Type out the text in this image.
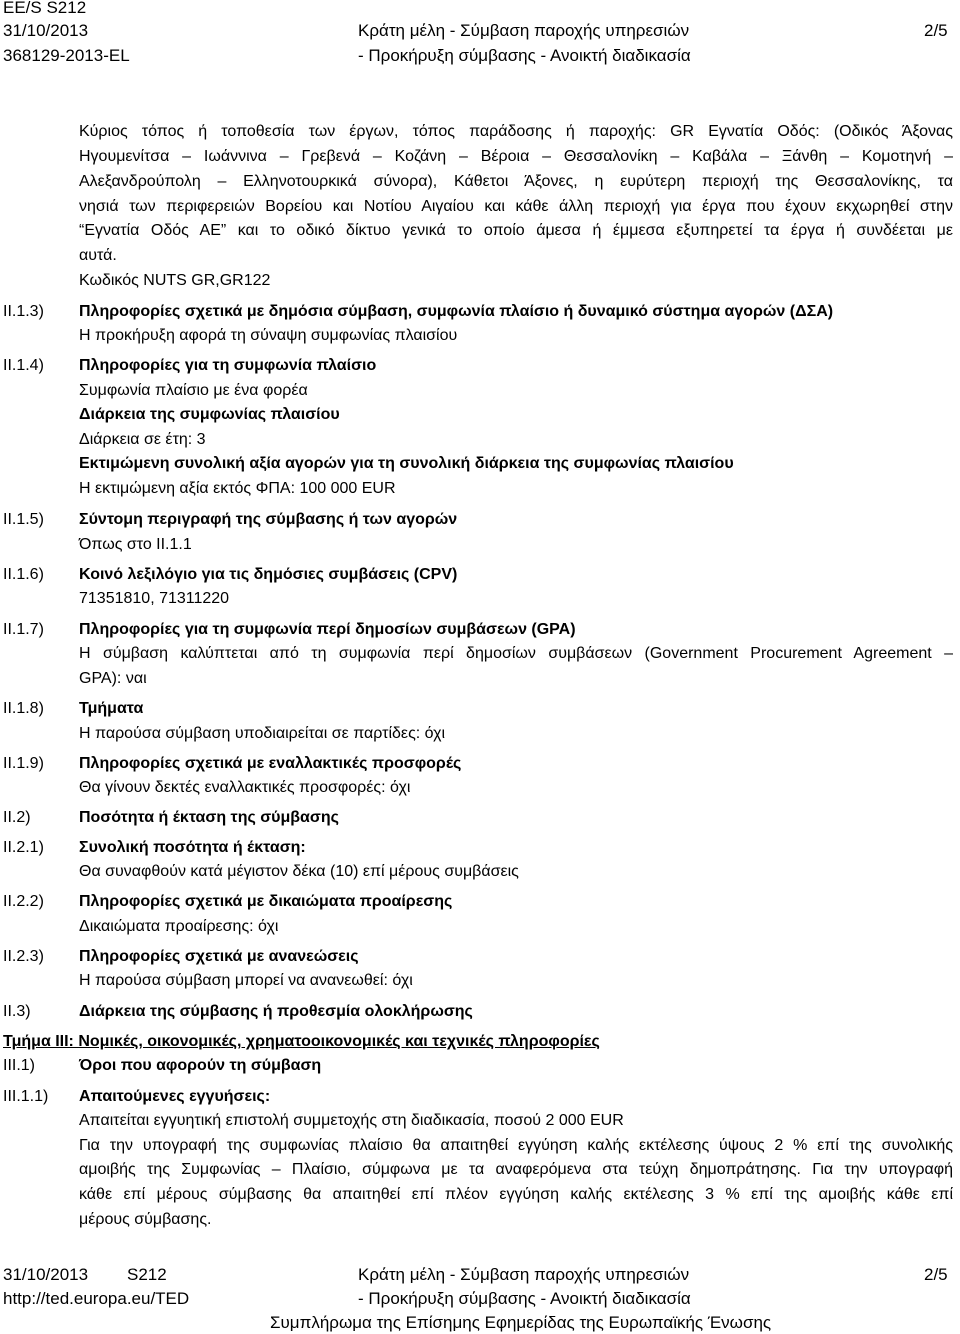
EE/S S212
31/10/2013
368129-2013-EL
Κράτη μέλη - Σύμβαση παροχής υπηρεσιών
- Προκήρυξη σύμβασης - Ανοικτή διαδικασία
2/5
Κύριος τόπος ή τοποθεσία των έργων, τόπος παράδοσης ή παροχής: GR Εγνατία Οδός: (Οδικός Άξονας
Ηγουμενίτσα – Ιωάννινα – Γρεβενά – Κοζάνη – Βέροια – Θεσσαλονίκη – Καβάλα – Ξάνθη – Κομοτηνή –
Αλεξανδρούπολη – Ελληνοτουρκικά σύνορα), Κάθετοι Άξονες, η ευρύτερη περιοχή της Θεσσαλονίκης, τα
νησιά των περιφερειών Βορείου και Νοτίου Αιγαίου και κάθε άλλη περιοχή για έργα που έχουν εκχωρηθεί στην
“Εγνατία Οδός ΑΕ” και το οδικό δίκτυο γενικά το οποίο άμεσα ή έμμεσα εξυπηρετεί τα έργα ή συνδέεται με
αυτά.
Κωδικός NUTS GR,GR122
II.1.3) Πληροφορίες σχετικά με δημόσια σύμβαση, συμφωνία πλαίσιο ή δυναμικό σύστημα αγορών (ΔΣΑ)
Η προκήρυξη αφορά τη σύναψη συμφωνίας πλαισίου
II.1.4) Πληροφορίες για τη συμφωνία πλαίσιο
Συμφωνία πλαίσιο με ένα φορέα
Διάρκεια της συμφωνίας πλαισίου
Διάρκεια σε έτη: 3
Εκτιμώμενη συνολική αξία αγορών για τη συνολική διάρκεια της συμφωνίας πλαισίου
Η εκτιμώμενη αξία εκτός ΦΠΑ: 100 000 EUR
II.1.5) Σύντομη περιγραφή της σύμβασης ή των αγορών
Όπως στο II.1.1
II.1.6) Κοινό λεξιλόγιο για τις δημόσιες συμβάσεις (CPV)
71351810, 71311220
II.1.7) Πληροφορίες για τη συμφωνία περί δημοσίων συμβάσεων (GPA)
Η σύμβαση καλύπτεται από τη συμφωνία περί δημοσίων συμβάσεων (Government Procurement Agreement –
GPA): ναι
II.1.8) Τμήματα
Η παρούσα σύμβαση υποδιαιρείται σε παρτίδες: όχι
II.1.9) Πληροφορίες σχετικά με εναλλακτικές προσφορές
Θα γίνουν δεκτές εναλλακτικές προσφορές: όχι
II.2)	Ποσότητα ή έκταση της σύμβασης
II.2.1) Συνολική ποσότητα ή έκταση:
Θα συναφθούν κατά μέγιστον δέκα (10) επί μέρους συμβάσεις
II.2.2) Πληροφορίες σχετικά με δικαιώματα προαίρεσης
Δικαιώματα προαίρεσης: όχι
II.2.3) Πληροφορίες σχετικά με ανανεώσεις
Η παρούσα σύμβαση μπορεί να ανανεωθεί: όχι
II.3)	Διάρκεια της σύμβασης ή προθεσμία ολοκλήρωσης
Τμήμα III: Νομικές, οικονομικές, χρηματοοικονομικές και τεχνικές πληροφορίες
III.1)	Όροι που αφορούν τη σύμβαση
III.1.1) Απαιτούμενες εγγυήσεις:
Απαιτείται εγγυητική επιστολή συμμετοχής στη διαδικασία, ποσού 2 000 EUR
Για την υπογραφή της συμφωνίας πλαίσιο θα απαιτηθεί εγγύηση καλής εκτέλεσης ύψους 2 % επί της συνολικής
αμοιβής της Συμφωνίας – Πλαίσιο, σύμφωνα με τα αναφερόμενα στα τεύχη δημοπράτησης. Για την υπογραφή
κάθε επί μέρους σύμβασης θα απαιτηθεί επί πλέον εγγύηση καλής εκτέλεσης 3 % επί της αμοιβής κάθε επί
μέρους σύμβασης.
31/10/2013 S212
http://ted.europa.eu/TED
Κράτη μέλη - Σύμβαση παροχής υπηρεσιών
- Προκήρυξη σύμβασης - Ανοικτή διαδικασία
Συμπλήρωμα της Επίσημης Εφημερίδας της Ευρωπαϊκής Ένωσης
2/5
